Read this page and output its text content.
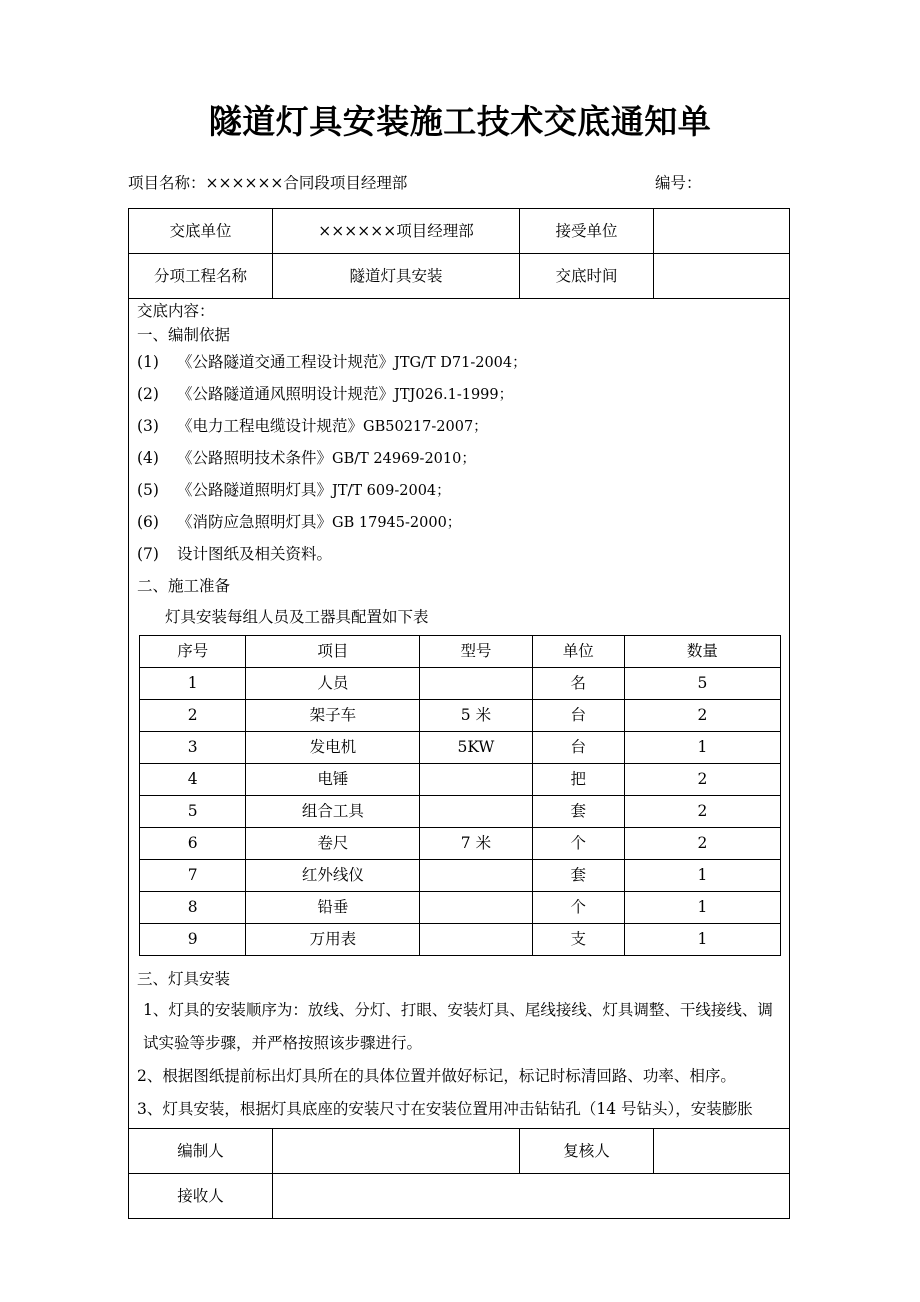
隧道灯具安装施工技术交底通知单
项目名称：××××××合同段项目经理部	编号：
交底单位	××××××项目经理部	接受单位	
分项工程名称	隧道灯具安装	交底时间	

交底内容：
一、编制依据
(1) 《公路隧道交通工程设计规范》JTG/T D71-2004；
(2) 《公路隧道通风照明设计规范》JTJ026.1-1999；
(3) 《电力工程电缆设计规范》GB50217-2007；
(4) 《公路照明技术条件》GB/T 24969-2010；
(5) 《公路隧道照明灯具》JT/T 609-2004；
(6) 《消防应急照明灯具》GB 17945-2000；
(7) 设计图纸及相关资料。
二、施工准备
灯具安装每组人员及工器具配置如下表
序号	项目	型号	单位	数量
1	人员		名	5
2	架子车	5 米	台	2
3	发电机	5KW	台	1
4	电锤		把	2
5	组合工具		套	2
6	卷尺	7 米	个	2
7	红外线仪		套	1
8	铅垂		个	1
9	万用表		支	1
三、灯具安装
1、灯具的安装顺序为：放线、分灯、打眼、安装灯具、尾线接线、灯具调整、干线接线、调试实验等步骤，并严格按照该步骤进行。
2、根据图纸提前标出灯具所在的具体位置并做好标记，标记时标清回路、功率、相序。
3、灯具安装，根据灯具底座的安装尺寸在安装位置用冲击钻钻孔（14 号钻头），安装膨胀

编制人		复核人	
接收人	
